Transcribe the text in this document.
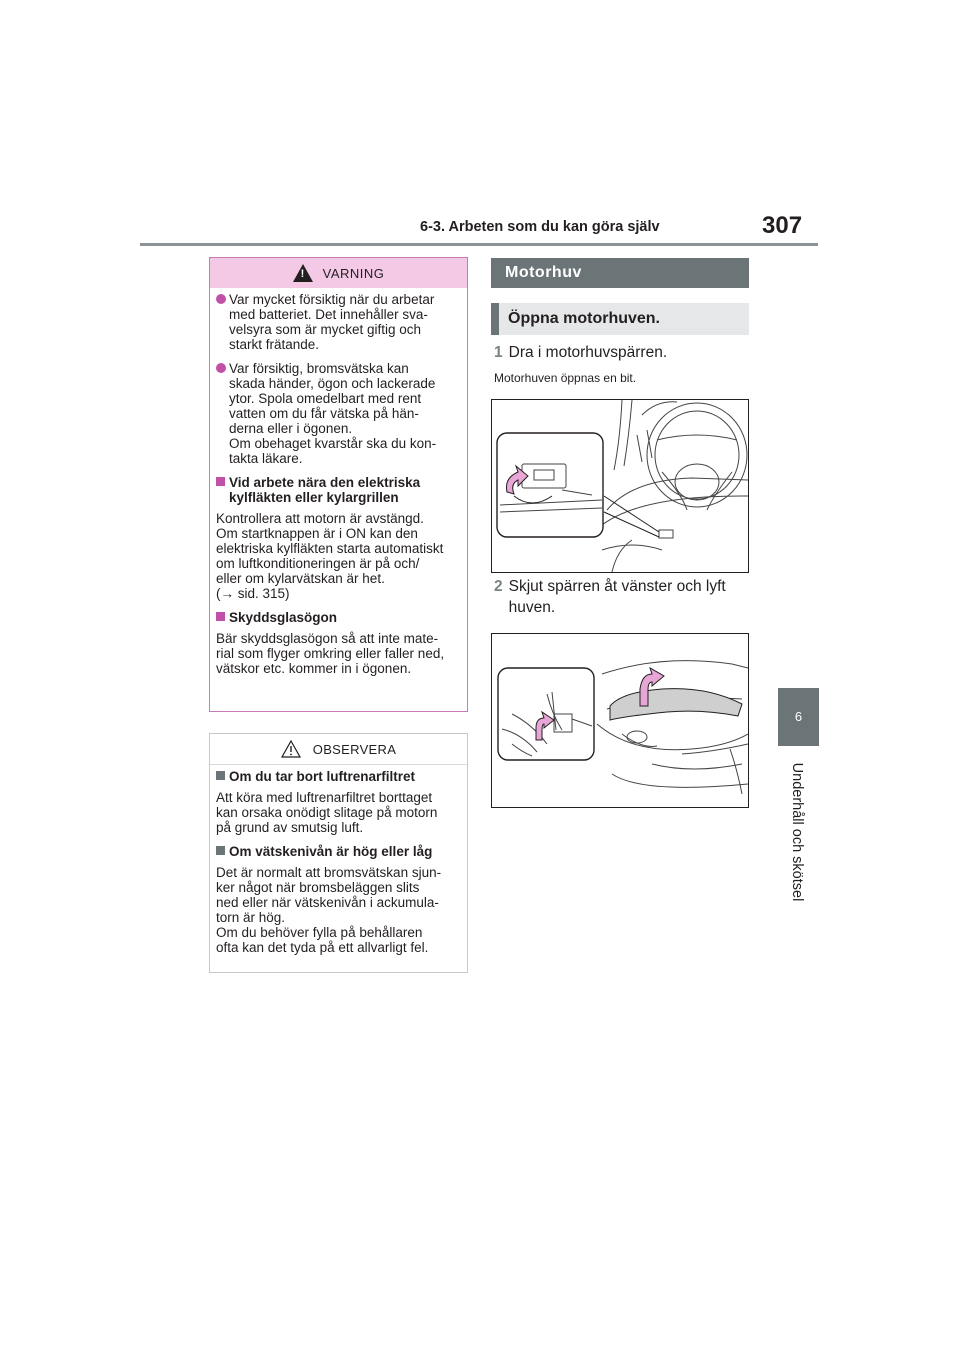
6-3. Arbeten som du kan göra själv	307
6
Underhåll och skötsel
! VARNING
Var mycket försiktig när du arbetar
med batteriet. Det innehåller sva-
velsyra som är mycket giftig och
starkt frätande.
Var försiktig, bromsvätska kan
skada händer, ögon och lackerade
ytor. Spola omedelbart med rent
vatten om du får vätska på hän-
derna eller i ögonen.
Om obehaget kvarstår ska du kon-
takta läkare.
Vid arbete nära den elektriska
kylfläkten eller kylargrillen
Kontrollera att motorn är avstängd.
Om startknappen är i ON kan den
elektriska kylfläkten starta automatiskt
om luftkonditioneringen är på och/
eller om kylarvätskan är het.
(→ sid. 315)
Skyddsglasögon
Bär skyddsglasögon så att inte mate-
rial som flyger omkring eller faller ned,
vätskor etc. kommer in i ögonen.
OBSERVERA
Om du tar bort luftrenarfiltret
Att köra med luftrenarfiltret borttaget
kan orsaka onödigt slitage på motorn
på grund av smutsig luft.
Om vätskenivån är hög eller låg
Det är normalt att bromsvätskan sjun-
ker något när bromsbeläggen slits
ned eller när vätskenivån i ackumula-
torn är hög.
Om du behöver fylla på behållaren
ofta kan det tyda på ett allvarligt fel.
Motorhuv
Öppna motorhuven.
1 Dra i motorhuvspärren.
Motorhuven öppnas en bit.
2 Skjut spärren åt vänster och lyft
huven.
